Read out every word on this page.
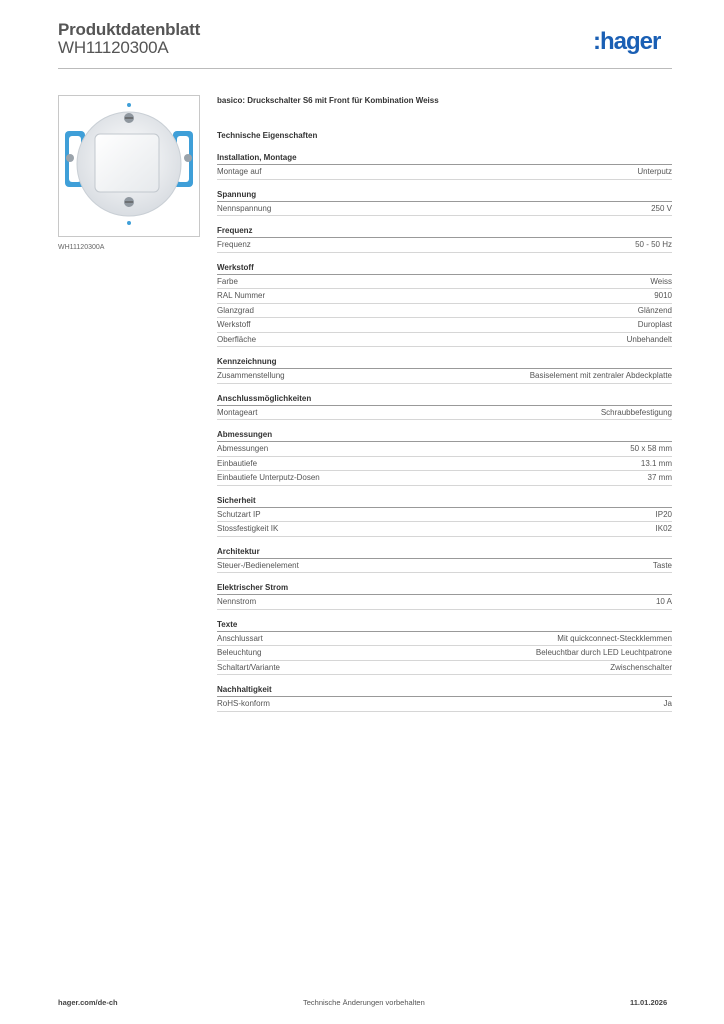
Produktdatenblatt
WH11120300A	:hager
WH11120300A
basico: Druckschalter S6 mit Front für Kombination Weiss
Technische Eigenschaften
Installation, Montage
Montage auf	Unterputz
Spannung
Nennspannung	250 V
Frequenz
Frequenz	50 - 50 Hz
Werkstoff
Farbe	Weiss
RAL Nummer	9010
Glanzgrad	Glänzend
Werkstoff	Duroplast
Oberfläche	Unbehandelt
Kennzeichnung
Zusammenstellung	Basiselement mit zentraler Abdeckplatte
Anschlussmöglichkeiten
Montageart	Schraubbefestigung
Abmessungen
Abmessungen	50 x 58 mm
Einbautiefe	13.1 mm
Einbautiefe Unterputz-Dosen	37 mm
Sicherheit
Schutzart IP	IP20
Stossfestigkeit IK	IK02
Architektur
Steuer-/Bedienelement	Taste
Elektrischer Strom
Nennstrom	10 A
Texte
Anschlussart	Mit quickconnect-Steckklemmen
Beleuchtung	Beleuchtbar durch LED Leuchtpatrone
Schaltart/Variante	Zwischenschalter
Nachhaltigkeit
RoHS-konform	Ja
hager.com/de-ch	Technische Änderungen vorbehalten	11.01.2026
